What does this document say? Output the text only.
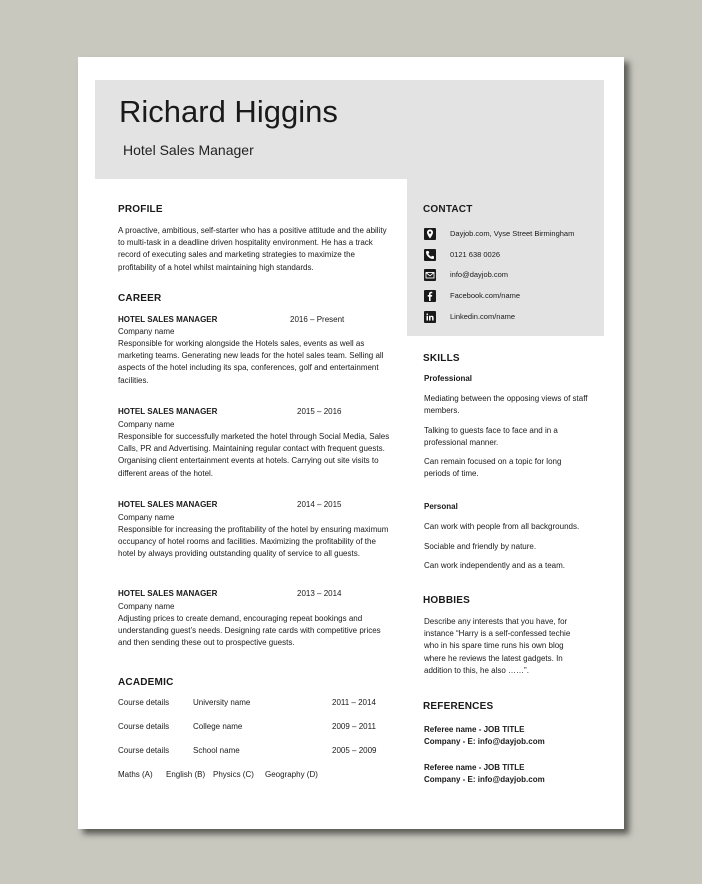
Richard Higgins
Hotel Sales Manager
PROFILE
A proactive, ambitious, self-starter who has a positive attitude and the ability to multi-task in a deadline driven hospitality environment. He has a track record of executing sales and marketing strategies to maximize the profitability of a hotel whilst maintaining high standards.
CAREER
HOTEL SALES MANAGER	2016 – Present
Company name
Responsible for working alongside the Hotels sales, events as well as marketing teams. Generating new leads for the hotel sales team. Selling all aspects of the hotel including its spa, conferences, golf and entertainment facilities.
HOTEL SALES MANAGER	2015 – 2016
Company name
Responsible for successfully marketed the hotel through Social Media, Sales Calls, PR and Advertising. Maintaining regular contact with frequent guests. Organising client entertainment events at hotels. Carrying out site visits to different areas of the hotel.
HOTEL SALES MANAGER	2014 – 2015
Company name
Responsible for increasing the profitability of the hotel by ensuring maximum occupancy of hotel rooms and facilities. Maximizing the profitability of the hotel by always providing outstanding quality of service to all guests.
HOTEL SALES MANAGER	2013 – 2014
Company name
Adjusting prices to create demand, encouraging repeat bookings and understanding guest’s needs. Designing rate cards with competitive prices and then sending these out to prospective guests.
ACADEMIC
Course details	University name	2011 – 2014
Course details	College name	2009 – 2011
Course details	School name	2005 – 2009
Maths (A) English (B) Physics (C) Geography (D)
CONTACT
Dayjob.com, Vyse Street Birmingham
0121 638 0026
info@dayjob.com
Facebook.com/name
Linkedin.com/name
SKILLS
Professional
Mediating between the opposing views of staff members.
Talking to guests face to face and in a professional manner.
Can remain focused on a topic for long periods of time.
Personal
Can work with people from all backgrounds.
Sociable and friendly by nature.
Can work independently and as a team.
HOBBIES
Describe any interests that you have, for instance “Harry is a self-confessed techie who in his spare time runs his own blog where he reviews the latest gadgets. In addition to this, he also ……”.
REFERENCES
Referee name - JOB TITLE
Company - E: info@dayjob.com
Referee name - JOB TITLE
Company - E: info@dayjob.com
